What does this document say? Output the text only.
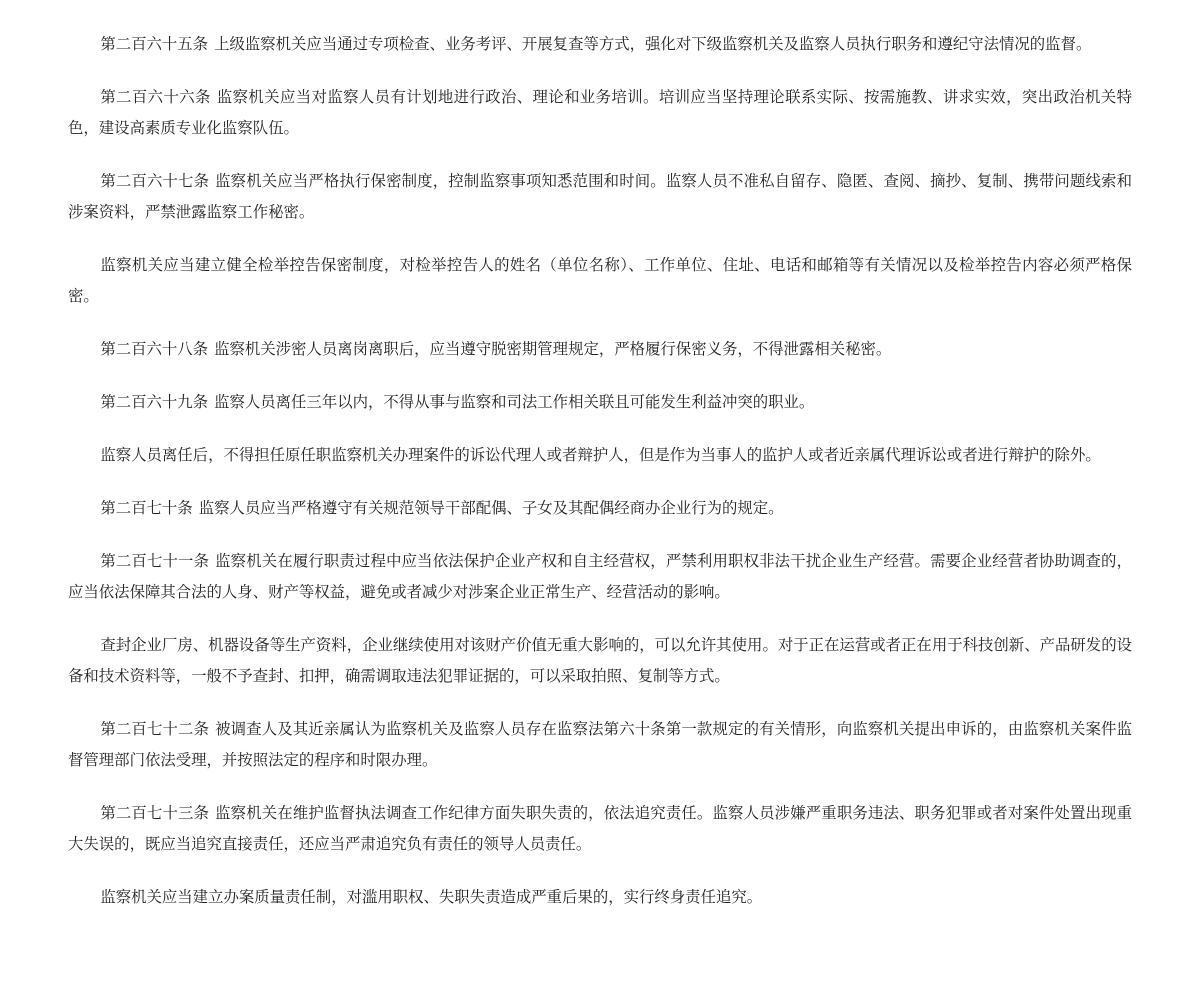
第二百六十五条 上级监察机关应当通过专项检查、业务考评、开展复查等方式，强化对下级监察机关及监察人员执行职务和遵纪守法情况的监督。

第二百六十六条 监察机关应当对监察人员有计划地进行政治、理论和业务培训。培训应当坚持理论联系实际、按需施教、讲求实效，突出政治机关特色，建设高素质专业化监察队伍。

第二百六十七条 监察机关应当严格执行保密制度，控制监察事项知悉范围和时间。监察人员不准私自留存、隐匿、查阅、摘抄、复制、携带问题线索和涉案资料，严禁泄露监察工作秘密。

监察机关应当建立健全检举控告保密制度，对检举控告人的姓名（单位名称）、工作单位、住址、电话和邮箱等有关情况以及检举控告内容必须严格保密。

第二百六十八条 监察机关涉密人员离岗离职后，应当遵守脱密期管理规定，严格履行保密义务，不得泄露相关秘密。

第二百六十九条 监察人员离任三年以内，不得从事与监察和司法工作相关联且可能发生利益冲突的职业。

监察人员离任后，不得担任原任职监察机关办理案件的诉讼代理人或者辩护人，但是作为当事人的监护人或者近亲属代理诉讼或者进行辩护的除外。

第二百七十条 监察人员应当严格遵守有关规范领导干部配偶、子女及其配偶经商办企业行为的规定。

第二百七十一条 监察机关在履行职责过程中应当依法保护企业产权和自主经营权，严禁利用职权非法干扰企业生产经营。需要企业经营者协助调查的，应当依法保障其合法的人身、财产等权益，避免或者减少对涉案企业正常生产、经营活动的影响。

查封企业厂房、机器设备等生产资料，企业继续使用对该财产价值无重大影响的，可以允许其使用。对于正在运营或者正在用于科技创新、产品研发的设备和技术资料等，一般不予查封、扣押，确需调取违法犯罪证据的，可以采取拍照、复制等方式。

第二百七十二条 被调查人及其近亲属认为监察机关及监察人员存在监察法第六十条第一款规定的有关情形，向监察机关提出申诉的，由监察机关案件监督管理部门依法受理，并按照法定的程序和时限办理。

第二百七十三条 监察机关在维护监督执法调查工作纪律方面失职失责的，依法追究责任。监察人员涉嫌严重职务违法、职务犯罪或者对案件处置出现重大失误的，既应当追究直接责任，还应当严肃追究负有责任的领导人员责任。

监察机关应当建立办案质量责任制，对滥用职权、失职失责造成严重后果的，实行终身责任追究。
